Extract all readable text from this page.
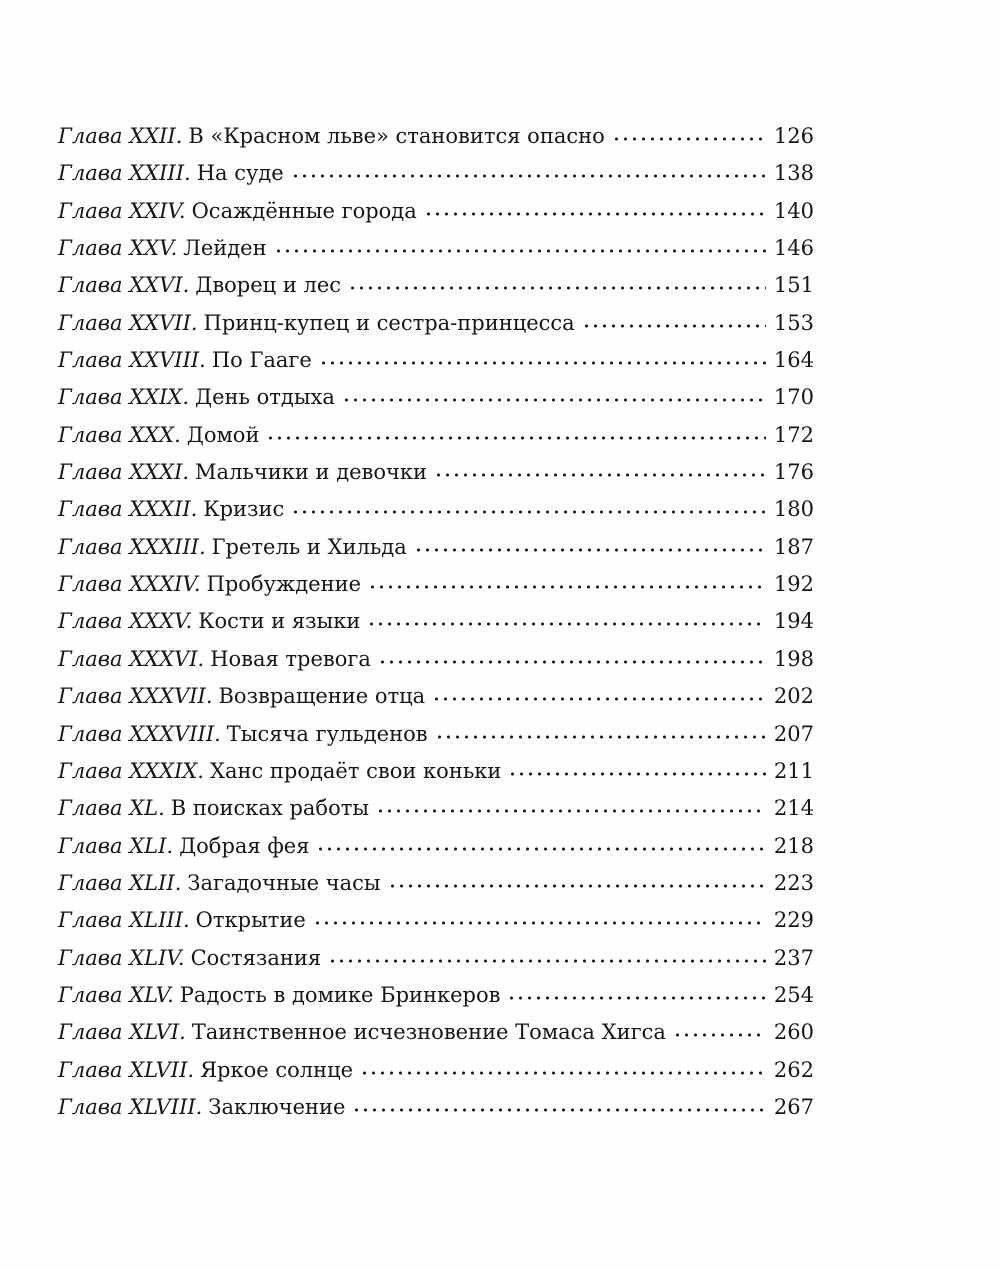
Глава XXII. В «Красном льве» становится опасно	126
Глава XXIII. На суде	138
Глава XXIV. Осаждённые города	140
Глава XXV. Лейден	146
Глава XXVI. Дворец и лес	151
Глава XXVII. Принц-купец и сестра-принцесса	153
Глава XXVIII. По Гааге	164
Глава XXIX. День отдыха	170
Глава XXX. Домой	172
Глава XXXI. Мальчики и девочки	176
Глава XXXII. Кризис	180
Глава XXXIII. Гретель и Хильда	187
Глава XXXIV. Пробуждение	192
Глава XXXV. Кости и языки	194
Глава XXXVI. Новая тревога	198
Глава XXXVII. Возвращение отца	202
Глава XXXVIII. Тысяча гульденов	207
Глава XXXIX. Ханс продаёт свои коньки	211
Глава XL. В поисках работы	214
Глава XLI. Добрая фея	218
Глава XLII. Загадочные часы	223
Глава XLIII. Открытие	229
Глава XLIV. Состязания	237
Глава XLV. Радость в домике Бринкеров	254
Глава XLVI. Таинственное исчезновение Томаса Хигса	260
Глава XLVII. Яркое солнце	262
Глава XLVIII. Заключение	267
